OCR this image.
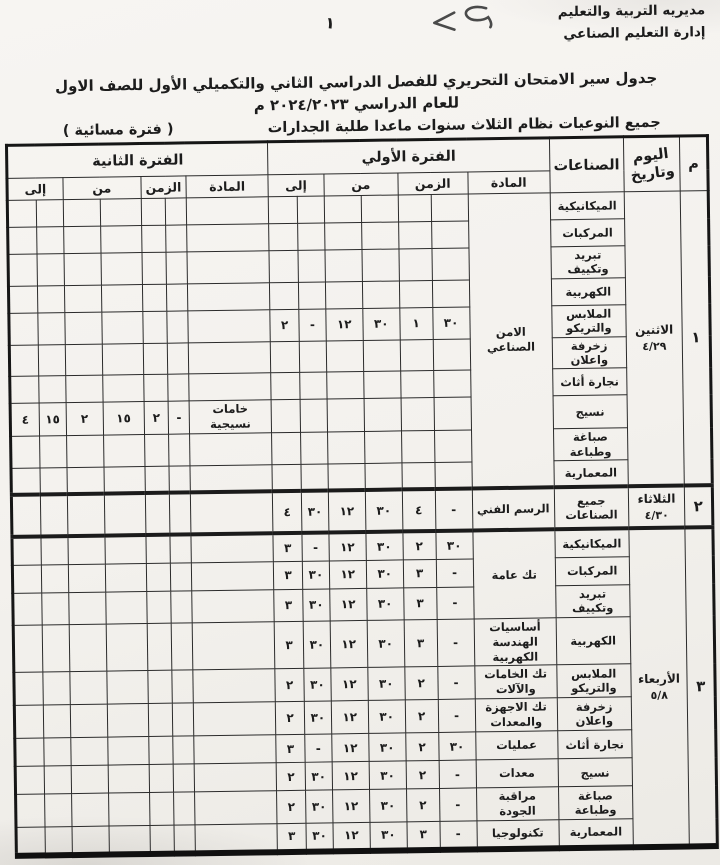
مديريه التربية والتعليم
إدارة التعليم الصناعي
١
جدول سير الامتحان التحريري للفصل الدراسي الثاني والتكميلي الأول للصف الاول
للعام الدراسي ٢٠٢٤/٢٠٢٣ م
جميع النوعيات نظام الثلاث سنوات ماعدا طلبة الجدارات
( فترة مسائية )
م	اليوم
وتاريخ	الصناعات	الفترة الأولي							الفترة الثانية						
			المادة	الزمن		من		إلى		المادة	الزمن		من		إلى	
١	الاثنين
٤/٢٩	الميكانيكية	الامن الصناعي													
		المركبات														
		تبريد وتكييف														
		الكهربية														
		الملابس والتريكو		٣٠	١	٣٠	١٢	-	٢							
		زخرفة واعلان														
		نجارة أثاث														
		نسيج								خامات نسيجية	-	٢	١٥	٢	١٥	٤
		صباغة وطباعة														
		المعمارية														
٢	الثلاثاء
٤/٣٠	جميع الصناعات	الرسم الفني	-	٤	٣٠	١٢	٣٠	٤							
٣	الأربعاء
٥/٨	الميكانيكية	تك عامة	٣٠	٢	٣٠	١٢	-	٣							
		المركبات		-	٣	٣٠	١٢	٣٠	٣							
		تبريد وتكييف		-	٣	٣٠	١٢	٣٠	٣							
		الكهربية	أساسيات الهندسة الكهربية	-	٣	٣٠	١٢	٣٠	٣							
		الملابس والتريكو	تك الخامات والآلات	-	٢	٣٠	١٢	٣٠	٢							
		زخرفة واعلان	تك الاجهزة والمعدات	-	٢	٣٠	١٢	٣٠	٢							
		نجارة أثاث	عمليات	٣٠	٢	٣٠	١٢	-	٣							
		نسيج	معدات	-	٢	٣٠	١٢	٣٠	٢							
		صباغة وطباعة	مراقبة الجودة	-	٢	٣٠	١٢	٣٠	٢							
		المعمارية	تكنولوجيا	-	٣	٣٠	١٢	٣٠	٣							
